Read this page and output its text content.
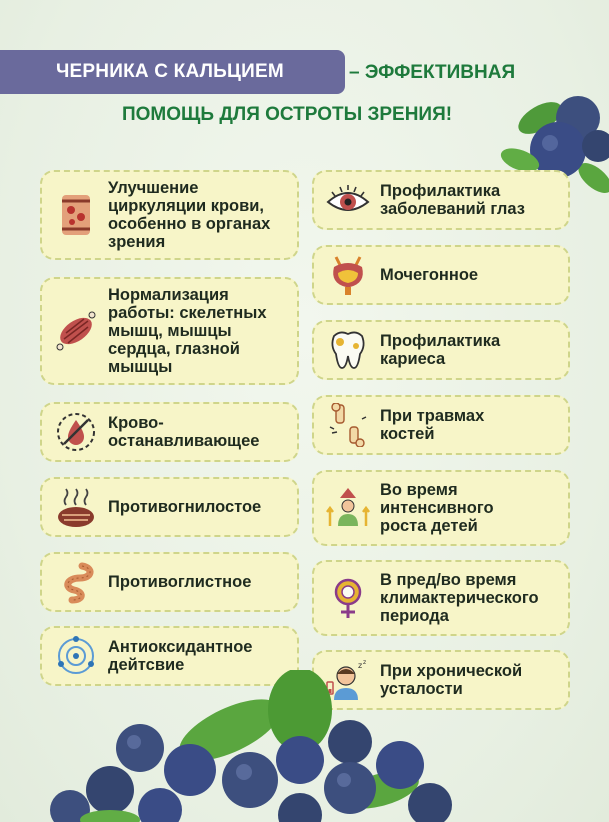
ЧЕРНИКА С КАЛЬЦИЕМ	– ЭФФЕКТИВНАЯ
ПОМОЩЬ ДЛЯ ОСТРОТЫ ЗРЕНИЯ!
Улучшение
циркуляции крови,
особенно в органах
зрения
Нормализация
работы: скелетных
мышц, мышцы
сердца, глазной
мышцы
Крово-
останавливающее
Противогнилостое
Противоглистное
Антиоксидантное
дейтсвие
Профилактика
заболеваний глаз
Мочегонное
Профилактика
кариеса
При травмах
костей
Во время
интенсивного
роста детей
В пред/во время
климактерического
периода
z z При хронической
усталости
